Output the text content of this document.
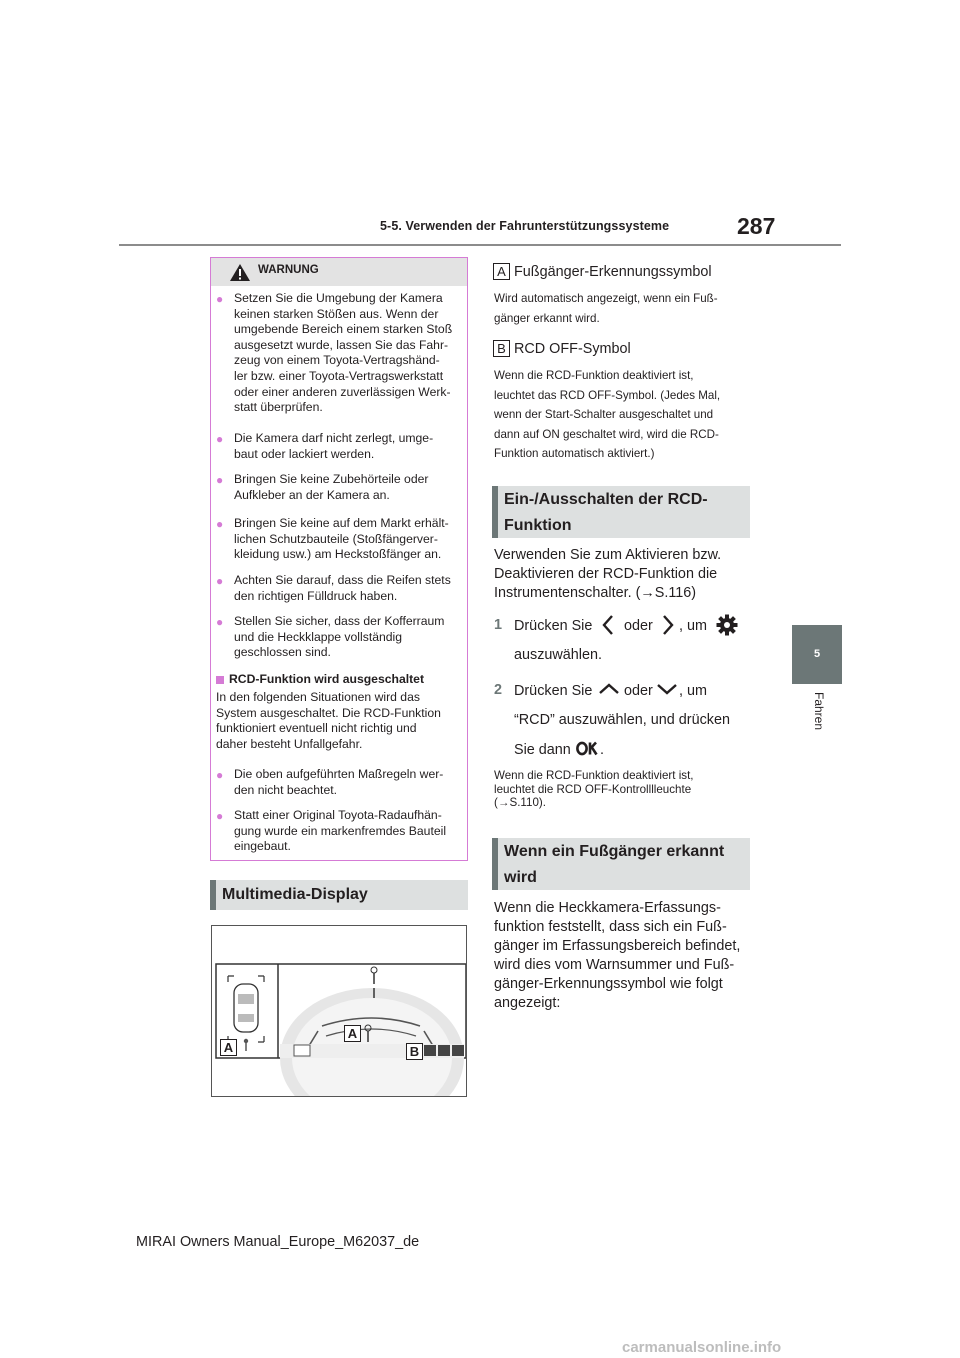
5-5. Verwenden der Fahrunterstützungssysteme	287
5
Fahren
WARNUNG
● Setzen Sie die Umgebung der Kamera
keinen starken Stößen aus. Wenn der
umgebende Bereich einem starken Stoß
ausgesetzt wurde, lassen Sie das Fahr-
zeug von einem Toyota-Vertragshänd-
ler bzw. einer Toyota-Vertragswerkstatt
oder einer anderen zuverlässigen Werk-
statt überprüfen.
● Die Kamera darf nicht zerlegt, umge-
baut oder lackiert werden.
● Bringen Sie keine Zubehörteile oder
Aufkleber an der Kamera an.
● Bringen Sie keine auf dem Markt erhält-
lichen Schutzbauteile (Stoßfängerver-
kleidung usw.) am Heckstoßfänger an.
● Achten Sie darauf, dass die Reifen stets
den richtigen Fülldruck haben.
● Stellen Sie sicher, dass der Kofferraum
und die Heckklappe vollständig
geschlossen sind.
RCD-Funktion wird ausgeschaltet
In den folgenden Situationen wird das
System ausgeschaltet. Die RCD-Funktion
funktioniert eventuell nicht richtig und
daher besteht Unfallgefahr.
● Die oben aufgeführten Maßregeln wer-
den nicht beachtet.
● Statt einer Original Toyota-Radaufhän-
gung wurde ein markenfremdes Bauteil
eingebaut.
Multimedia-Display
A
A
B
A Fußgänger-Erkennungssymbol
Wird automatisch angezeigt, wenn ein Fuß-
gänger erkannt wird.
B RCD OFF-Symbol
Wenn die RCD-Funktion deaktiviert ist,
leuchtet das RCD OFF-Symbol. (Jedes Mal,
wenn der Start-Schalter ausgeschaltet und
dann auf ON geschaltet wird, wird die RCD-
Funktion automatisch aktiviert.)
Ein-/Ausschalten der RCD-
Funktion
Verwenden Sie zum Aktivieren bzw.
Deaktivieren der RCD-Funktion die
Instrumentenschalter. (→S.116)
1 Drücken Sie oder , um
auszuwählen.
2 Drücken Sie oder , um
“RCD” auszuwählen, und drücken
Sie dann .
Wenn die RCD-Funktion deaktiviert ist,
leuchtet die RCD OFF-Kontrolllleuchte
(→S.110).
Wenn ein Fußgänger erkannt
wird
Wenn die Heckkamera-Erfassungs-
funktion feststellt, dass sich ein Fuß-
gänger im Erfassungsbereich befindet,
wird dies vom Warnsummer und Fuß-
gänger-Erkennungssymbol wie folgt
angezeigt:
MIRAI Owners Manual_Europe_M62037_de
carmanualsonline.info
